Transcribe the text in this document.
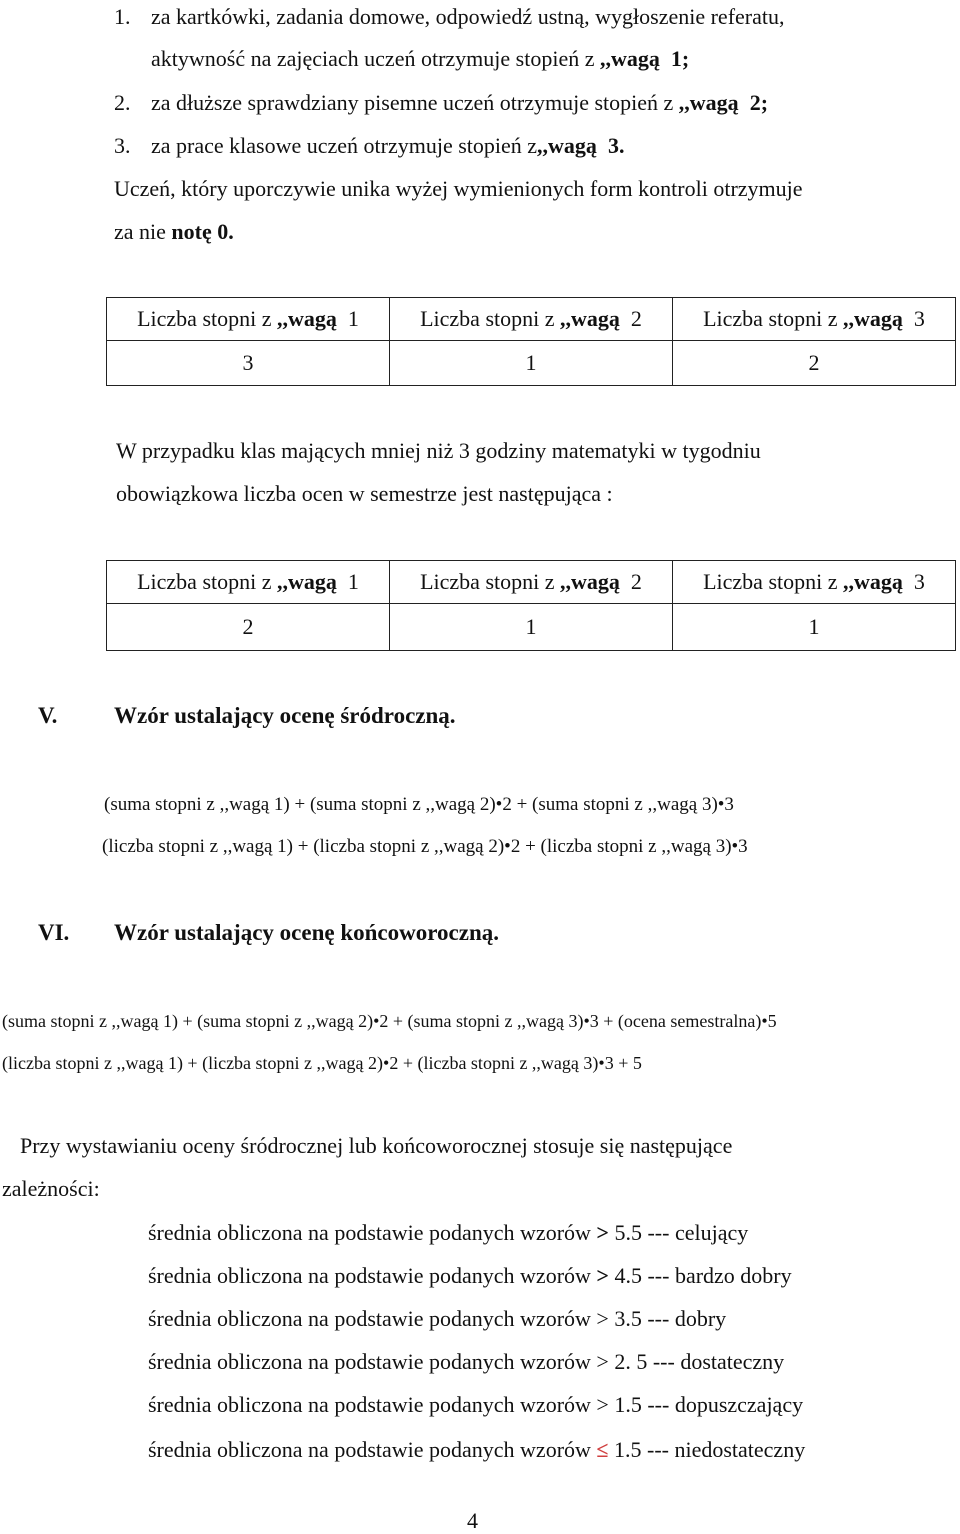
1. za kartkówki, zadania domowe, odpowiedź ustną, wygłoszenie referatu,
aktywność na zajęciach uczeń otrzymuje stopień z ,,wagą 1;
2. za dłuższe sprawdziany pisemne uczeń otrzymuje stopień z ,,wagą 2;
3. za prace klasowe uczeń otrzymuje stopień z,,wagą 3.
Uczeń, który uporczywie unika wyżej wymienionych form kontroli otrzymuje
za nie notę 0.
Liczba stopni z ,,wagą 1	Liczba stopni z ,,wagą 2	Liczba stopni z ,,wagą 3
3	1	2
W przypadku klas mających mniej niż 3 godziny matematyki w tygodniu
obowiązkowa liczba ocen w semestrze jest następująca :
Liczba stopni z ,,wagą 1	Liczba stopni z ,,wagą 2	Liczba stopni z ,,wagą 3
2	1	1
V. Wzór ustalający ocenę śródroczną.
(suma stopni z ,,wagą 1) + (suma stopni z ,,wagą 2)•2 + (suma stopni z ,,wagą 3)•3
(liczba stopni z ,,wagą 1) + (liczba stopni z ,,wagą 2)•2 + (liczba stopni z ,,wagą 3)•3
VI. Wzór ustalający ocenę końcoworoczną.
(suma stopni z ,,wagą 1) + (suma stopni z ,,wagą 2)•2 + (suma stopni z ,,wagą 3)•3 + (ocena semestralna)•5
(liczba stopni z ,,wagą 1) + (liczba stopni z ,,wagą 2)•2 + (liczba stopni z ,,wagą 3)•3 + 5
Przy wystawianiu oceny śródrocznej lub końcoworocznej stosuje się następujące
zależności:
średnia obliczona na podstawie podanych wzorów > 5.5 --- celujący
średnia obliczona na podstawie podanych wzorów > 4.5 --- bardzo dobry
średnia obliczona na podstawie podanych wzorów > 3.5 --- dobry
średnia obliczona na podstawie podanych wzorów > 2. 5 --- dostateczny
średnia obliczona na podstawie podanych wzorów > 1.5 --- dopuszczający
średnia obliczona na podstawie podanych wzorów ≤ 1.5 --- niedostateczny
4
